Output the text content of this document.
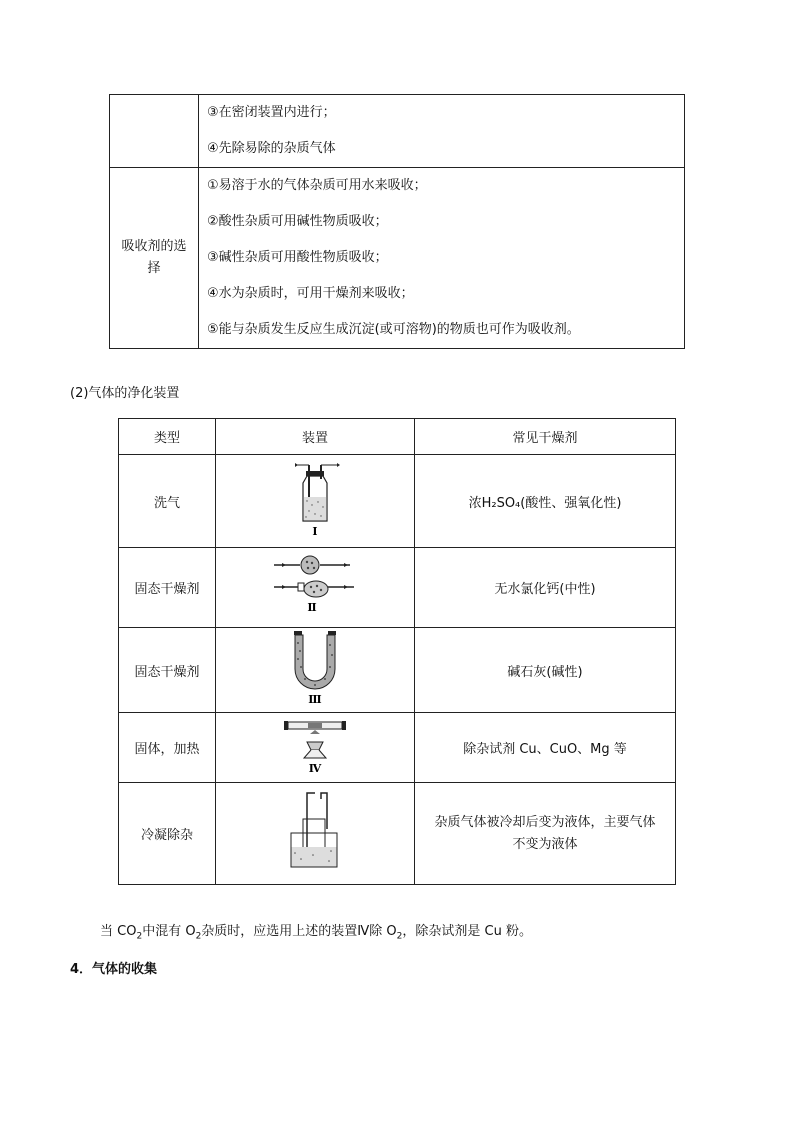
	③在密闭装置内进行；
④先除易除的杂质气体

吸收剂的选择	①易溶于水的气体杂质可用水来吸收；
②酸性杂质可用碱性物质吸收；
③碱性杂质可用酸性物质吸收；
④水为杂质时，可用干燥剂来吸收；
⑤能与杂质发生反应生成沉淀(或可溶物)的物质也可作为吸收剂。
(2)气体的净化装置
类型	装置	常见干燥剂
洗气	Ⅰ	浓H₂SO₄(酸性、强氧化性)
固态干燥剂	Ⅱ	无水氯化钙(中性)
固态干燥剂	Ⅲ	碱石灰(碱性)
固体，加热	Ⅳ	除杂试剂 Cu、CuO、Mg 等
冷凝除杂		杂质气体被冷却后变为液体，主要气体
不变为液体
当 $CO_2$中混有 $O_2$杂质时，应选用上述的装置Ⅳ除 $O_2$，除杂试剂是 Cu 粉。
4．气体的收集
